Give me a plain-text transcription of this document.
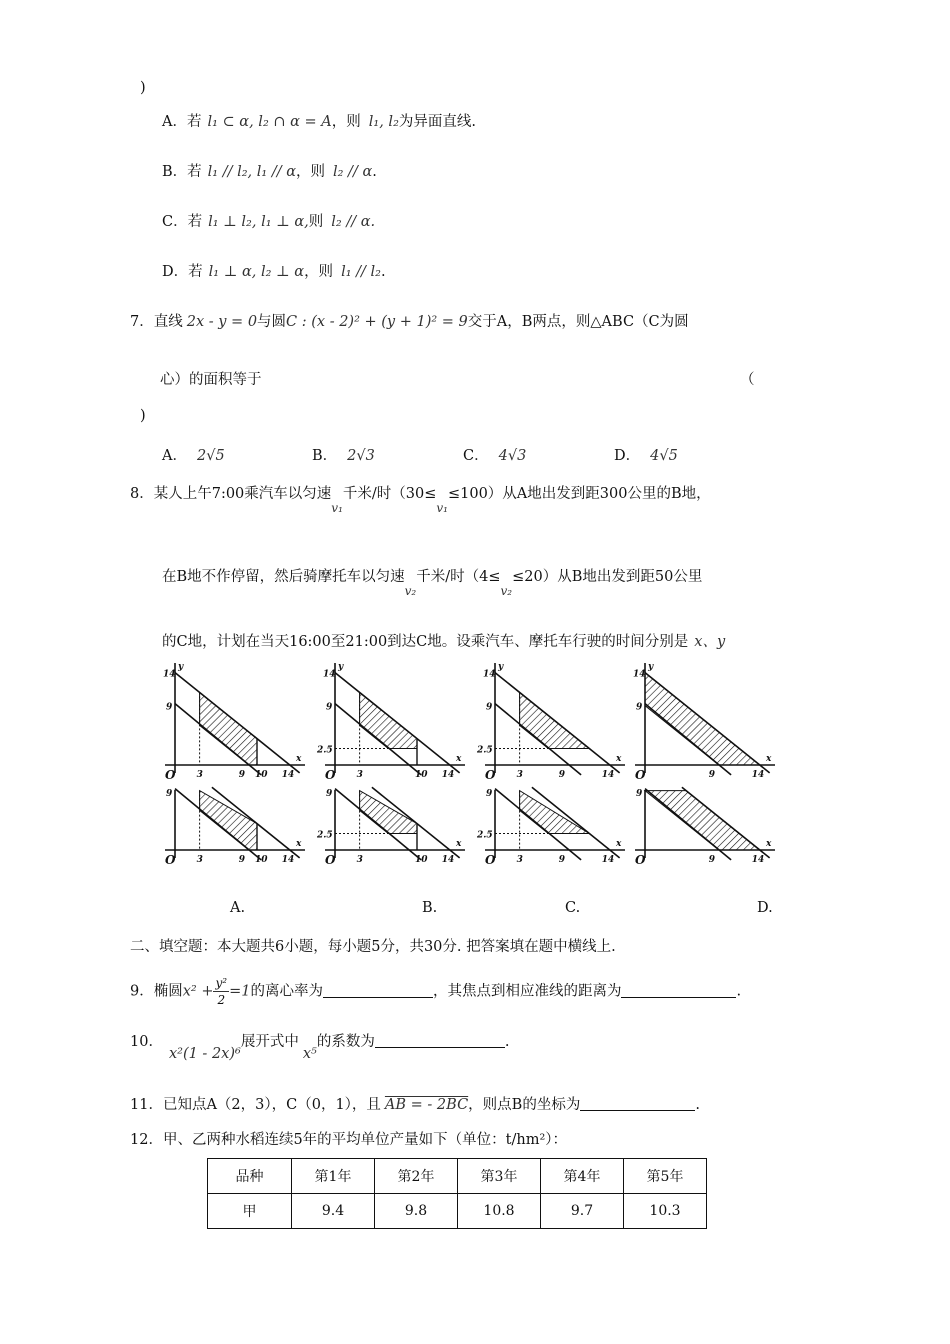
)
A．若 l₁ ⊂ α, l₂ ∩ α = A，则 l₁, l₂为异面直线.
B．若 l₁ // l₂, l₁ // α，则 l₂ // α.
C．若 l₁ ⊥ l₂, l₁ ⊥ α,则 l₂ // α.
D．若 l₁ ⊥ α, l₂ ⊥ α，则 l₁ // l₂.
7．直线 2x - y = 0与圆C : (x - 2)² + (y + 1)² = 9交于A，B两点，则△ABC（C为圆
心）的面积等于	（
)
A． 2√5	B． 2√3	C． 4√3	D． 4√5
8．某人上午7:00乘汽车以匀速$_{v_1}$千米/时$(30\le_{v_1}\le 100)$从A地出发到距300公里的B地，
在B地不作停留，然后骑摩托车以匀速$_{v_2}$千米/时$(4\le_{v_2}\le 20)$从B地出发到距50公里
的C地，计划在当天16:00至21:00到达C地。设乘汽车、摩托车行驶的时间分别是 x、y
x
y
O 3	9 10
14
9
14
x
y
O
2.5
3	10
14
9
14
x
y
O
2.5
3	9
14
9
14
x
y
O	9
14
9
14
x
O 3	9 10
9
14
x
O
2.5
3	10
9
14
x
O
2.5
3	9
9
14
x
O	9
9
14
A.	B.	C.	D.
二、填空题：本大题共6小题，每小题5分，共30分. 把答案填在题中横线上.
9．椭圆$x^2 + \frac{\text{y²}}{2} =1$的离心率为	，其焦点到相应准线的距离为	.
10．x²(1 - 2x)⁶展开式中x⁵的系数为	.
11．已知点A（2，3），C（0，1），且 AB = - 2BC，则点B的坐标为	.
12．甲、乙两种水稻连续5年的平均单位产量如下（单位：t/hm²）：
品种	第1年	第2年	第3年	第4年	第5年
甲	9.4	9.8	10.8	9.7	10.3
